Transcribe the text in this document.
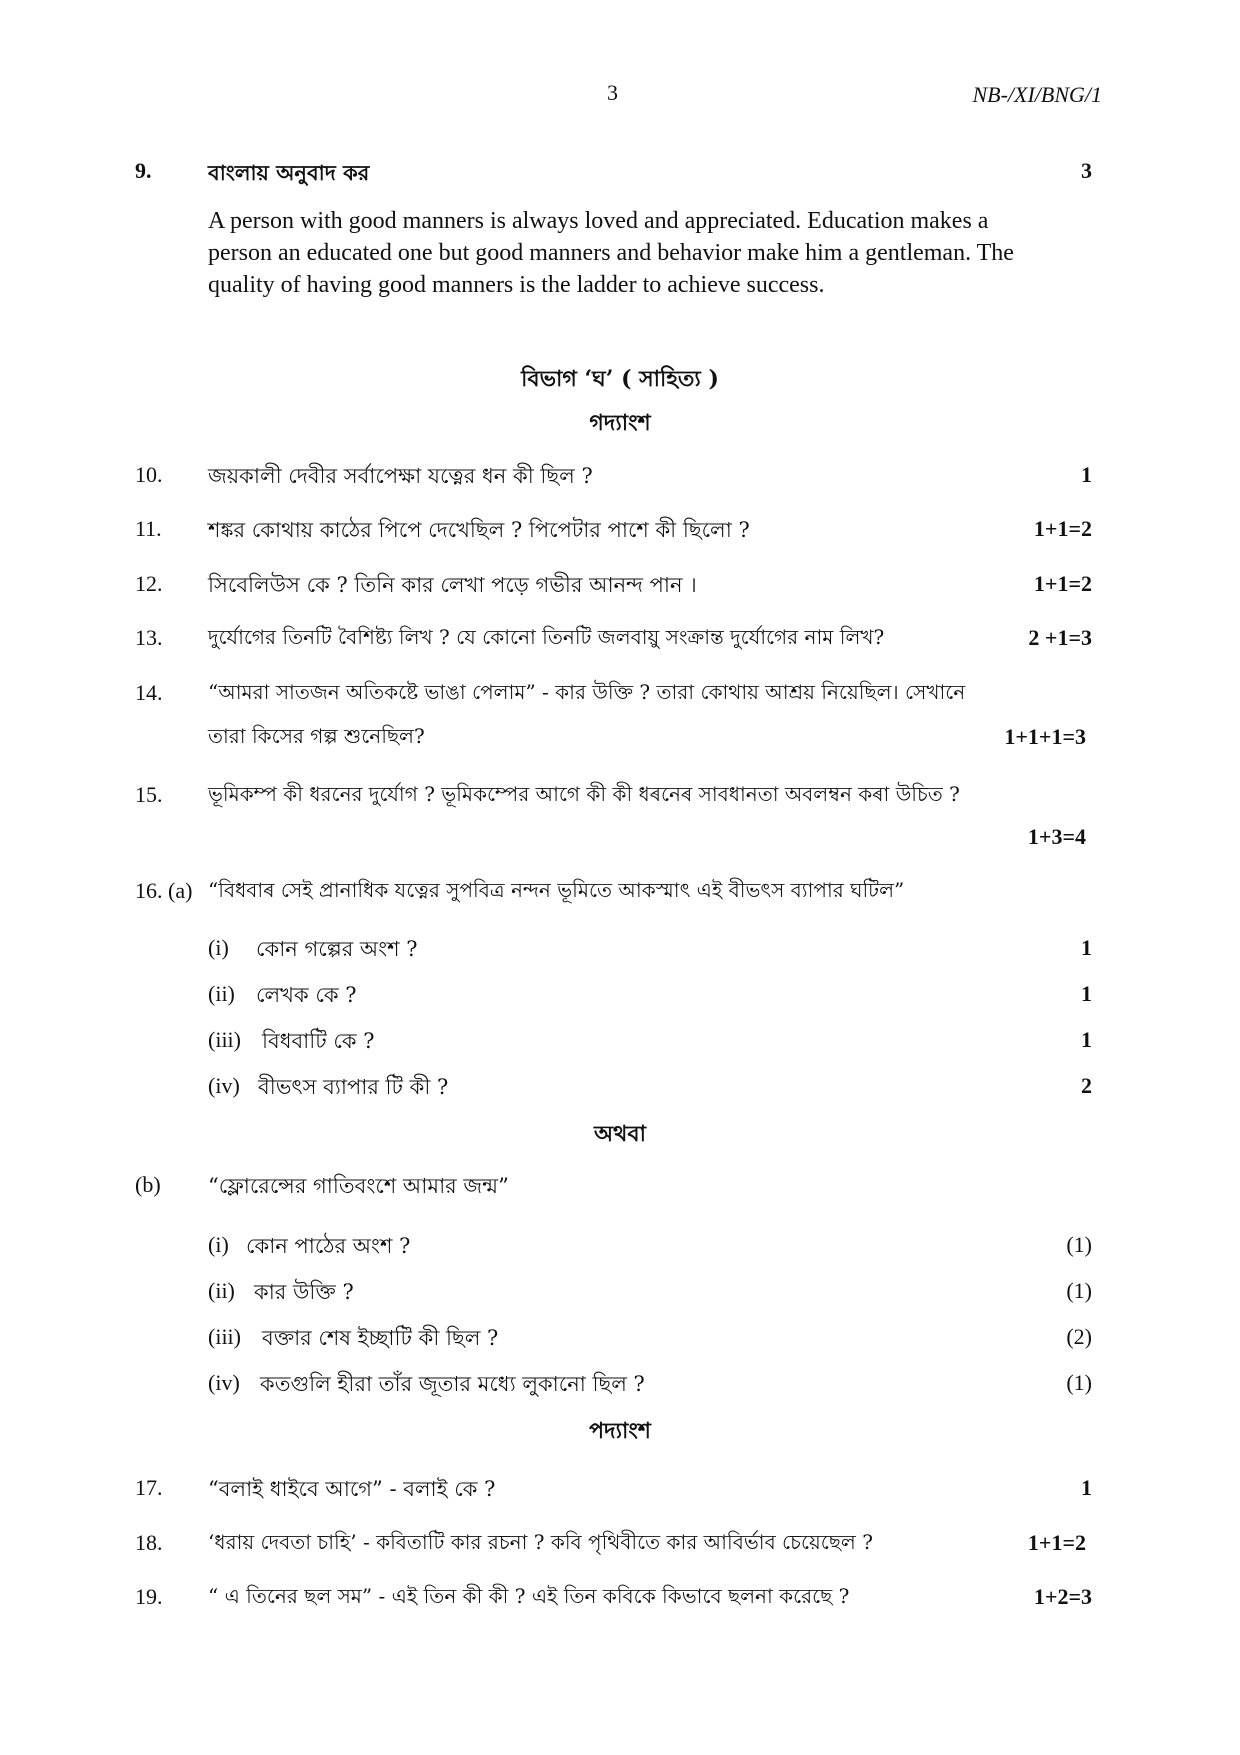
3	NB-/XI/BNG/1
9.	বাংলায় অনুবাদ কর	3
A person with good manners is always loved and appreciated. Education makes a
person an educated one but good manners and behavior make him a gentleman. The
quality of having good manners is the ladder to achieve success.
বিভাগ ‘ঘ’ ( সাহিত্য )
গদ্যাংশ
10. জয়কালী দেবীর সর্বাপেক্ষা যত্নের ধন কী ছিল ?	1
11. শঙ্কর কোথায় কাঠের পিপে দেখেছিল ? পিপেটার পাশে কী ছিলো ?	1+1=2
12. সিবেলিউস কে ? তিনি কার লেখা পড়ে গভীর আনন্দ পান ।	1+1=2
13. দুর্যোগের তিনটি বৈশিষ্ট্য লিখ ? যে কোনো তিনটি জলবায়ু সংক্রান্ত দুর্যোগের নাম লিখ?	2 +1=3
14. “আমরা সাতজন অতিকষ্টে ভাঙা পেলাম” - কার উক্তি ? তারা কোথায় আশ্রয় নিয়েছিল। সেখানে
তারা কিসের গল্প শুনেছিল?	1+1+1=3
15. ভূমিকম্প কী ধরনের দুর্যোগ ? ভূমিকম্পের আগে কী কী ধৰনেৰ সাবধানতা অবলম্বন কৰা উচিত ?
1+3=4
16. (a) “বিধবাৰ সেই প্রানাধিক যত্নের সুপবিত্র নন্দন ভূমিতে আকস্মাৎ এই বীভৎস ব্যাপার ঘটিল”
(i) কোন গল্পের অংশ ?	1
(ii) লেখক কে ?	1
(iii) বিধবাটি কে ?	1
(iv) বীভৎস ব্যাপার টি কী ?	2
অথবা
(b) “ফ্লোরেন্সের গাতিবংশে আমার জন্ম”
(i) কোন পাঠের অংশ ?	(1)
(ii) কার উক্তি ?	(1)
(iii) বক্তার শেষ ইচ্ছাটি কী ছিল ?	(2)
(iv) কতগুলি হীরা তাঁর জূতার মধ্যে লুকানো ছিল ?	(1)
পদ্যাংশ
17. “বলাই ধাইবে আগে” - বলাই কে ?	1
18. ‘ধরায় দেবতা চাহি’ - কবিতাটি কার রচনা ? কবি পৃথিবীতে কার আবির্ভাব চেয়েছেল ?	1+1=2
19. “ এ তিনের ছল সম” - এই তিন কী কী ? এই তিন কবিকে কিভাবে ছলনা করেছে ?	1+2=3
